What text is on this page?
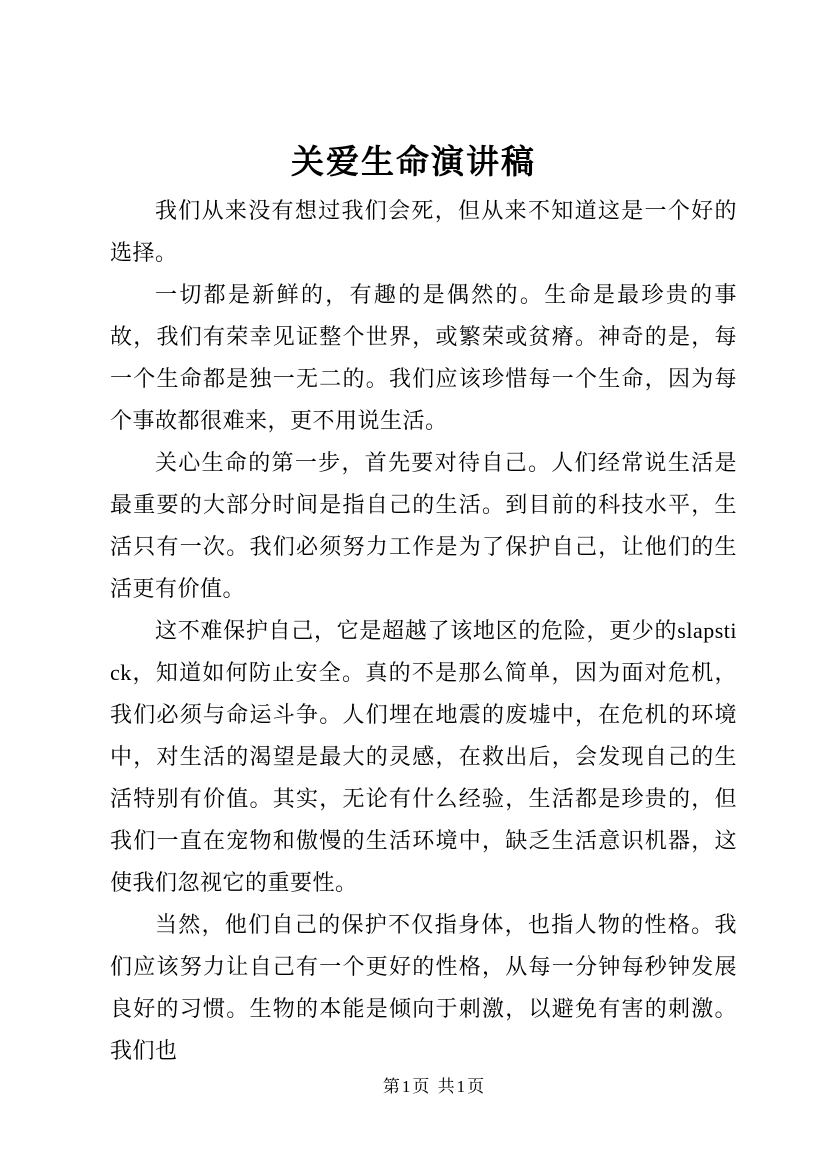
关爱生命演讲稿

我们从来没有想过我们会死，但从来不知道这是一个好的选择。

一切都是新鲜的，有趣的是偶然的。生命是最珍贵的事故，我们有荣幸见证整个世界，或繁荣或贫瘠。神奇的是，每一个生命都是独一无二的。我们应该珍惜每一个生命，因为每个事故都很难来，更不用说生活。

关心生命的第一步，首先要对待自己。人们经常说生活是最重要的大部分时间是指自己的生活。到目前的科技水平，生活只有一次。我们必须努力工作是为了保护自己，让他们的生活更有价值。

这不难保护自己，它是超越了该地区的危险，更少的slapstick，知道如何防止安全。真的不是那么简单，因为面对危机，我们必须与命运斗争。人们埋在地震的废墟中，在危机的环境中，对生活的渴望是最大的灵感，在救出后，会发现自己的生活特别有价值。其实，无论有什么经验，生活都是珍贵的，但我们一直在宠物和傲慢的生活环境中，缺乏生活意识机器，这使我们忽视它的重要性。

当然，他们自己的保护不仅指身体，也指人物的性格。我们应该努力让自己有一个更好的性格，从每一分钟每秒钟发展良好的习惯。生物的本能是倾向于刺激，以避免有害的刺激。我们也

第1页 共1页
